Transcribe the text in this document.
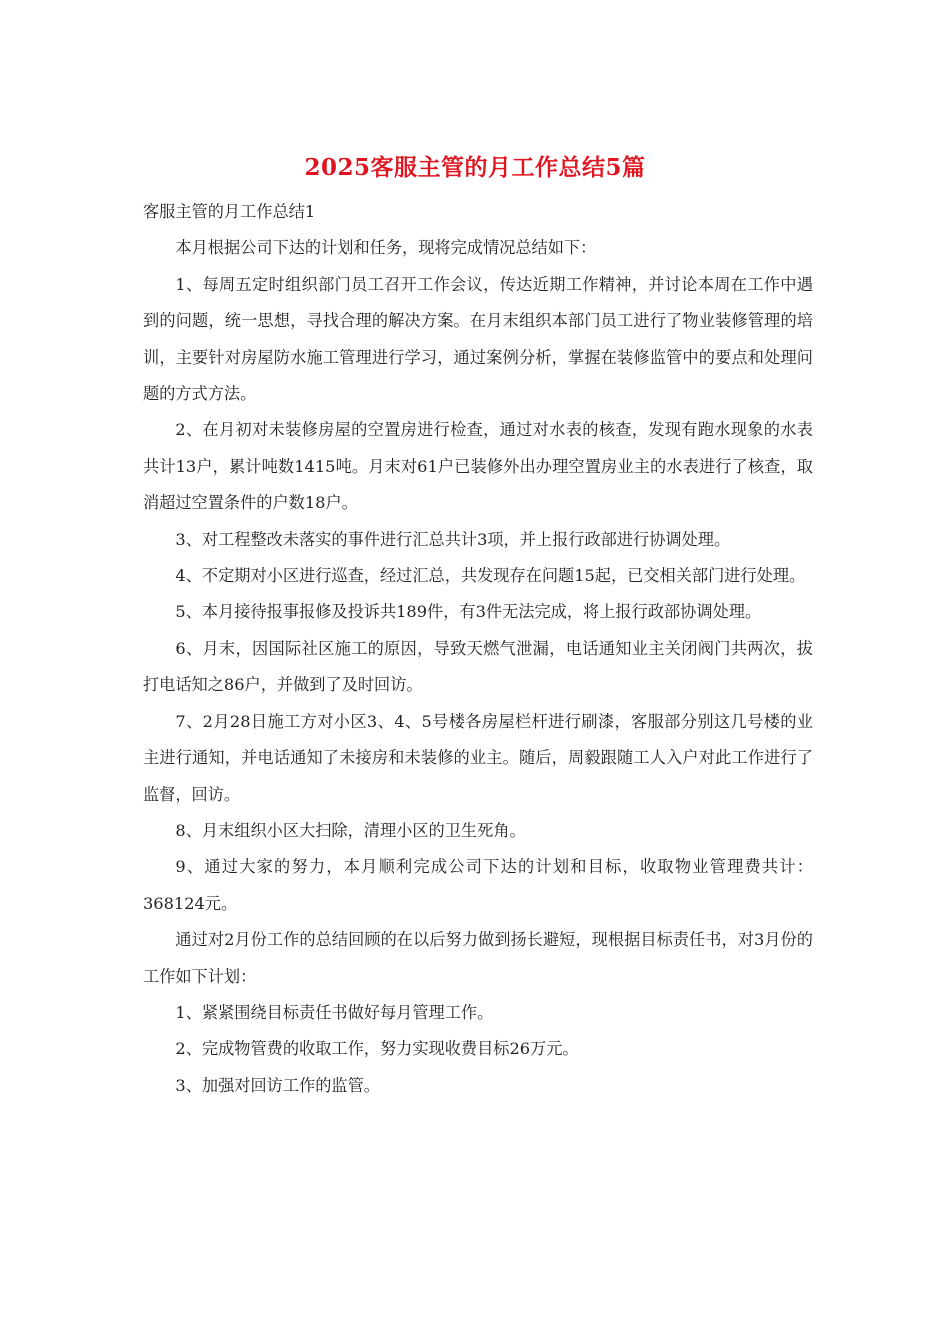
2025客服主管的月工作总结5篇

客服主管的月工作总结1

本月根据公司下达的计划和任务，现将完成情况总结如下：

1、每周五定时组织部门员工召开工作会议，传达近期工作精神，并讨论本周在工作中遇到的问题，统一思想，寻找合理的解决方案。在月末组织本部门员工进行了物业装修管理的培训，主要针对房屋防水施工管理进行学习，通过案例分析，掌握在装修监管中的要点和处理问题的方式方法。

2、在月初对未装修房屋的空置房进行检查，通过对水表的核查，发现有跑水现象的水表共计13户，累计吨数1415吨。月末对61户已装修外出办理空置房业主的水表进行了核查，取消超过空置条件的户数18户。

3、对工程整改未落实的事件进行汇总共计3项，并上报行政部进行协调处理。

4、不定期对小区进行巡查，经过汇总，共发现存在问题15起，已交相关部门进行处理。

5、本月接待报事报修及投诉共189件，有3件无法完成，将上报行政部协调处理。

6、月末，因国际社区施工的原因，导致天燃气泄漏，电话通知业主关闭阀门共两次，拔打电话知之86户，并做到了及时回访。

7、2月28日施工方对小区3、4、5号楼各房屋栏杆进行刷漆，客服部分别这几号楼的业主进行通知，并电话通知了未接房和未装修的业主。随后，周毅跟随工人入户对此工作进行了监督，回访。

8、月末组织小区大扫除，清理小区的卫生死角。

9、通过大家的努力，本月顺利完成公司下达的计划和目标，收取物业管理费共计：368124元。

通过对2月份工作的总结回顾的在以后努力做到扬长避短，现根据目标责任书，对3月份的工作如下计划：

1、紧紧围绕目标责任书做好每月管理工作。

2、完成物管费的收取工作，努力实现收费目标26万元。

3、加强对回访工作的监管。
